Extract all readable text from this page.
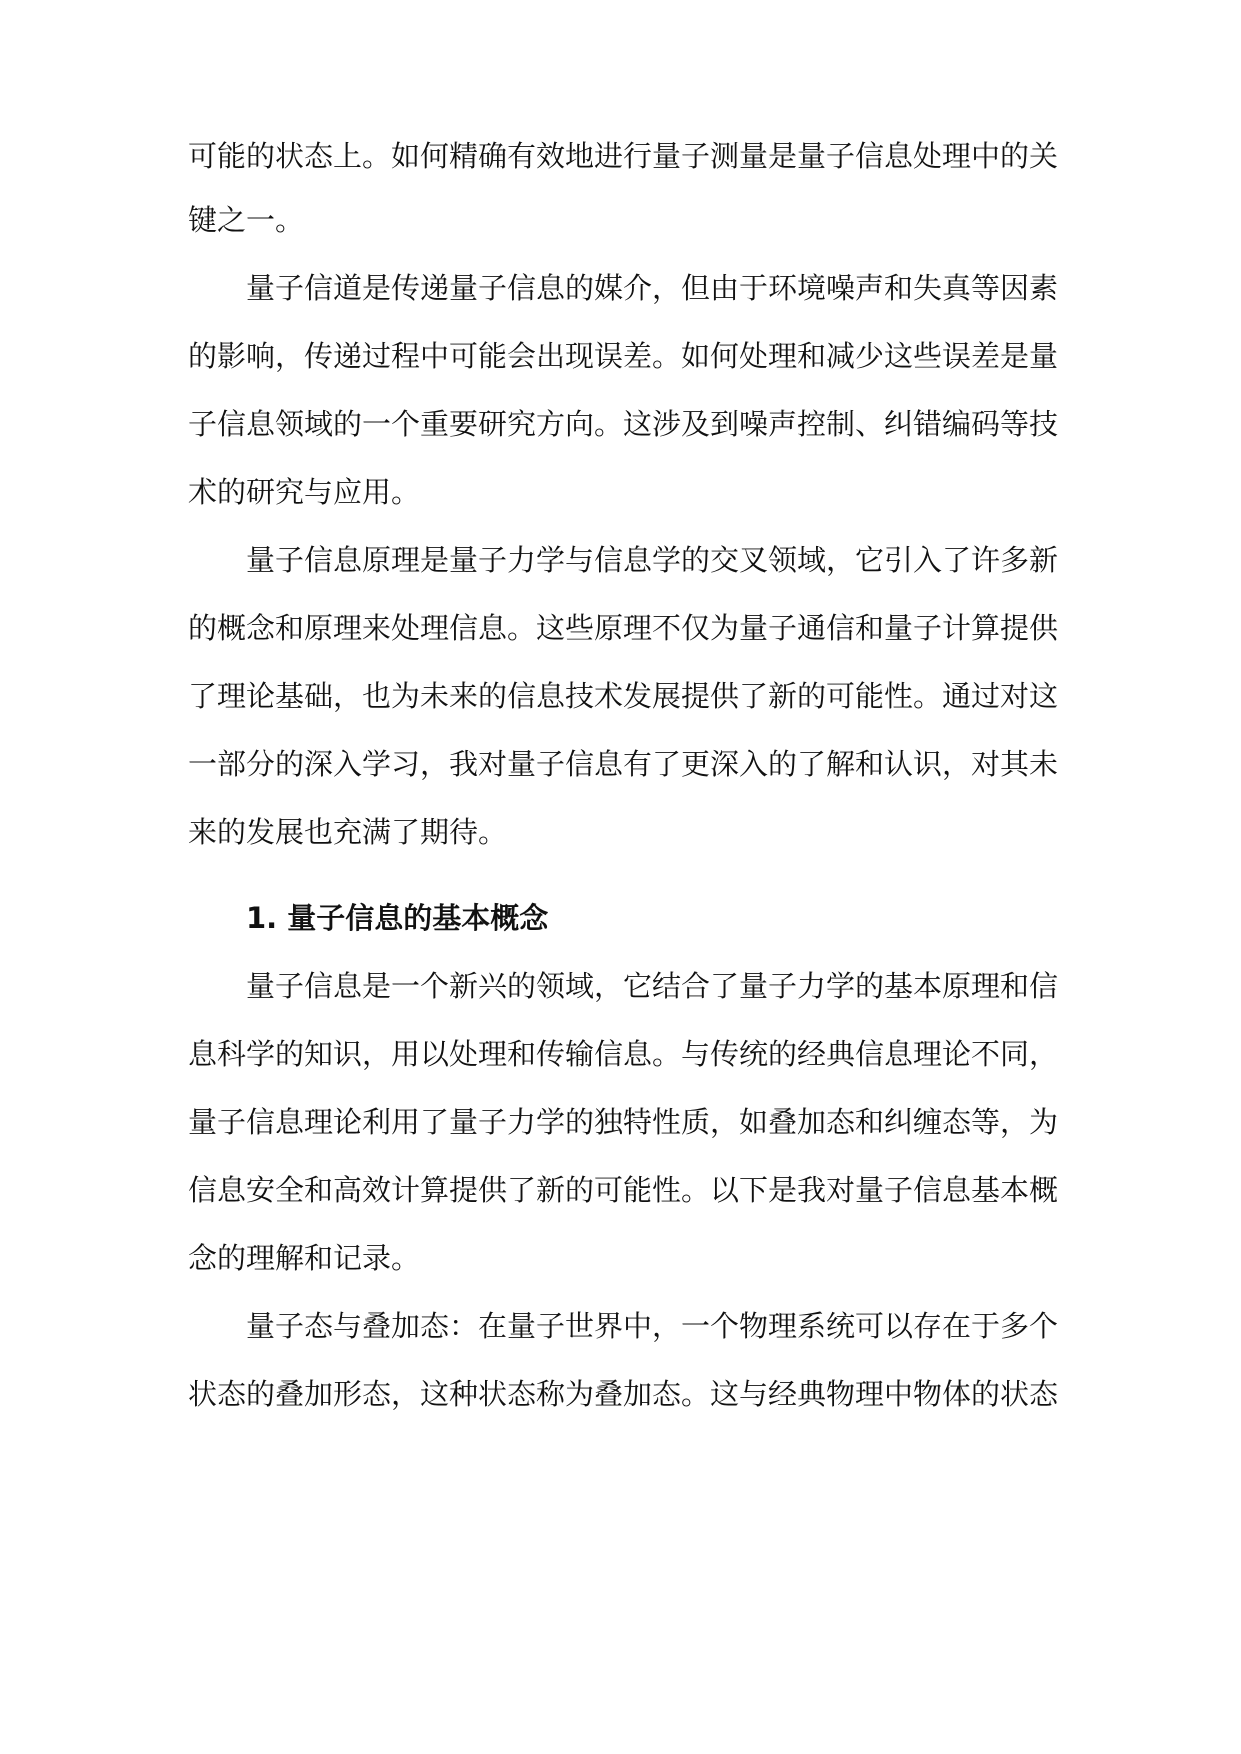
可能的状态上。如何精确有效地进行量子测量是量子信息处理中的关
键之一。
量子信道是传递量子信息的媒介，但由于环境噪声和失真等因素
的影响，传递过程中可能会出现误差。如何处理和减少这些误差是量
子信息领域的一个重要研究方向。这涉及到噪声控制、纠错编码等技
术的研究与应用。
量子信息原理是量子力学与信息学的交叉领域，它引入了许多新
的概念和原理来处理信息。这些原理不仅为量子通信和量子计算提供
了理论基础，也为未来的信息技术发展提供了新的可能性。通过对这
一部分的深入学习，我对量子信息有了更深入的了解和认识，对其未
来的发展也充满了期待。
1. 量子信息的基本概念
量子信息是一个新兴的领域，它结合了量子力学的基本原理和信
息科学的知识，用以处理和传输信息。与传统的经典信息理论不同，
量子信息理论利用了量子力学的独特性质，如叠加态和纠缠态等，为
信息安全和高效计算提供了新的可能性。以下是我对量子信息基本概
念的理解和记录。
量子态与叠加态：在量子世界中，一个物理系统可以存在于多个
状态的叠加形态，这种状态称为叠加态。这与经典物理中物体的状态
